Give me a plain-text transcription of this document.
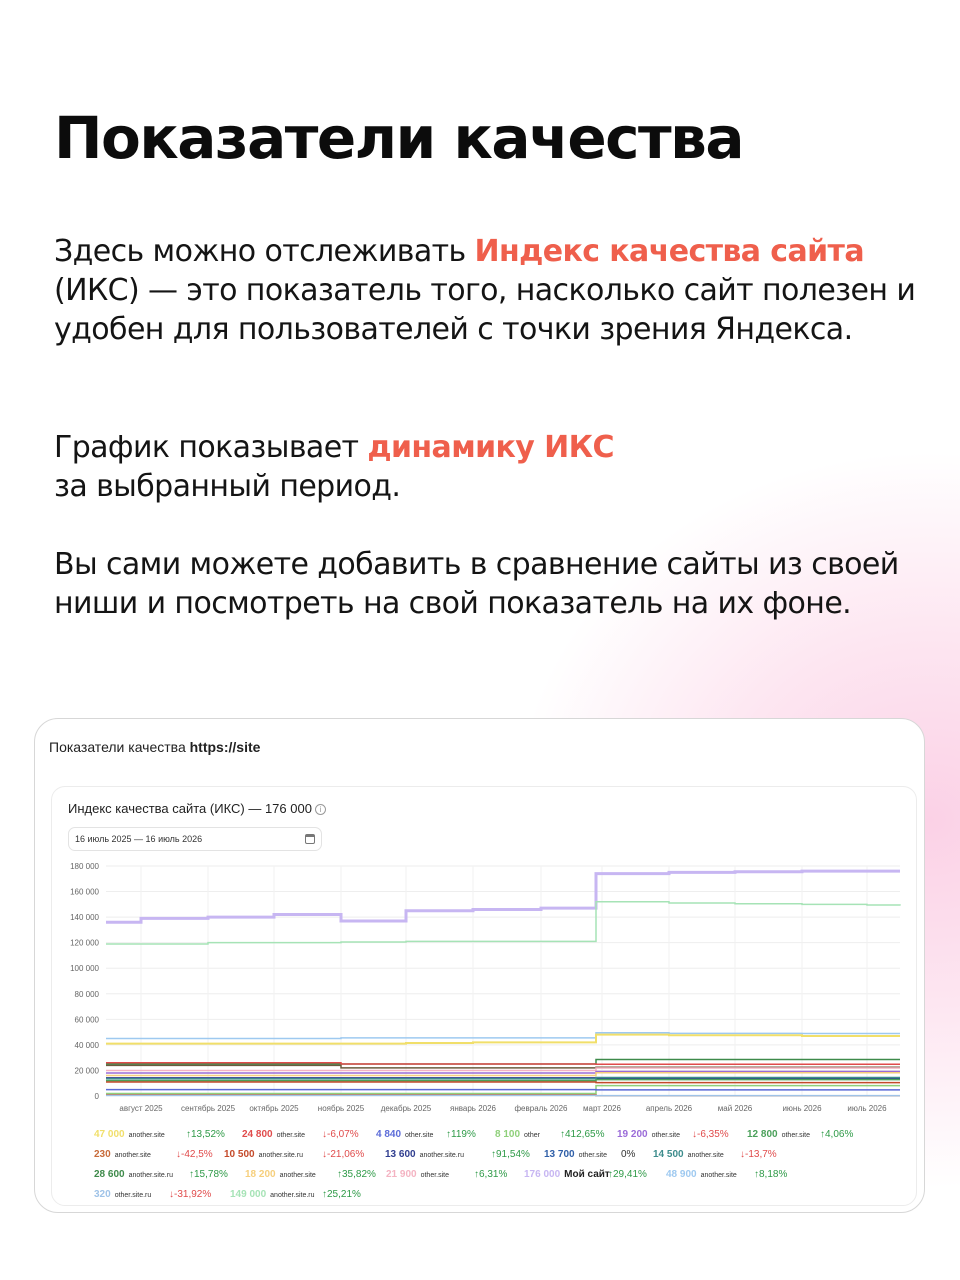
Показатели качества

Здесь можно отслеживать Индекс качества сайта (ИКС) — это показатель того, насколько сайт полезен и удобен для пользователей с точки зрения Яндекса.

График показывает динамику ИКС
за выбранный период.

Вы сами можете добавить в сравнение сайты из своей ниши и посмотреть на свой показатель на их фоне.

Показатели качества https://site
Индекс качества сайта (ИКС) — 176 000 i
16 июль 2025 — 16 июль 2026
0
20 000
40 000
60 000
80 000
100 000
120 000
140 000
160 000
180 000
август 2025 сентябрь 2025 октябрь 2025 ноябрь 2025 декабрь 2025 январь 2026 февраль 2026 март 2026	апрель 2026	май 2026	июнь 2026	июль 2026
47 000 another.site ↑13,52% 24 800 other.site ↓-6,07% 4 840 other.site ↑119% 8 100 other ↑412,65% 19 200 other.site ↓-6,35% 12 800 other.site ↑4,06%
230 another.site	↓-42,5% 10 500 another.site.ru ↓-21,06% 13 600 another.site.ru	↑91,54% 13 700 other.site 0% 14 500 another.site ↓-13,7%
28 600 another.site.ru ↑15,78% 18 200 another.site ↑35,82% 21 900 other.site ↑6,31% 176 000 Мой сайт
↑29,41% 48 900 another.site ↑8,18%
320 other.site.ru ↓-31,92% 149 000 another.site.ru ↑25,21%
